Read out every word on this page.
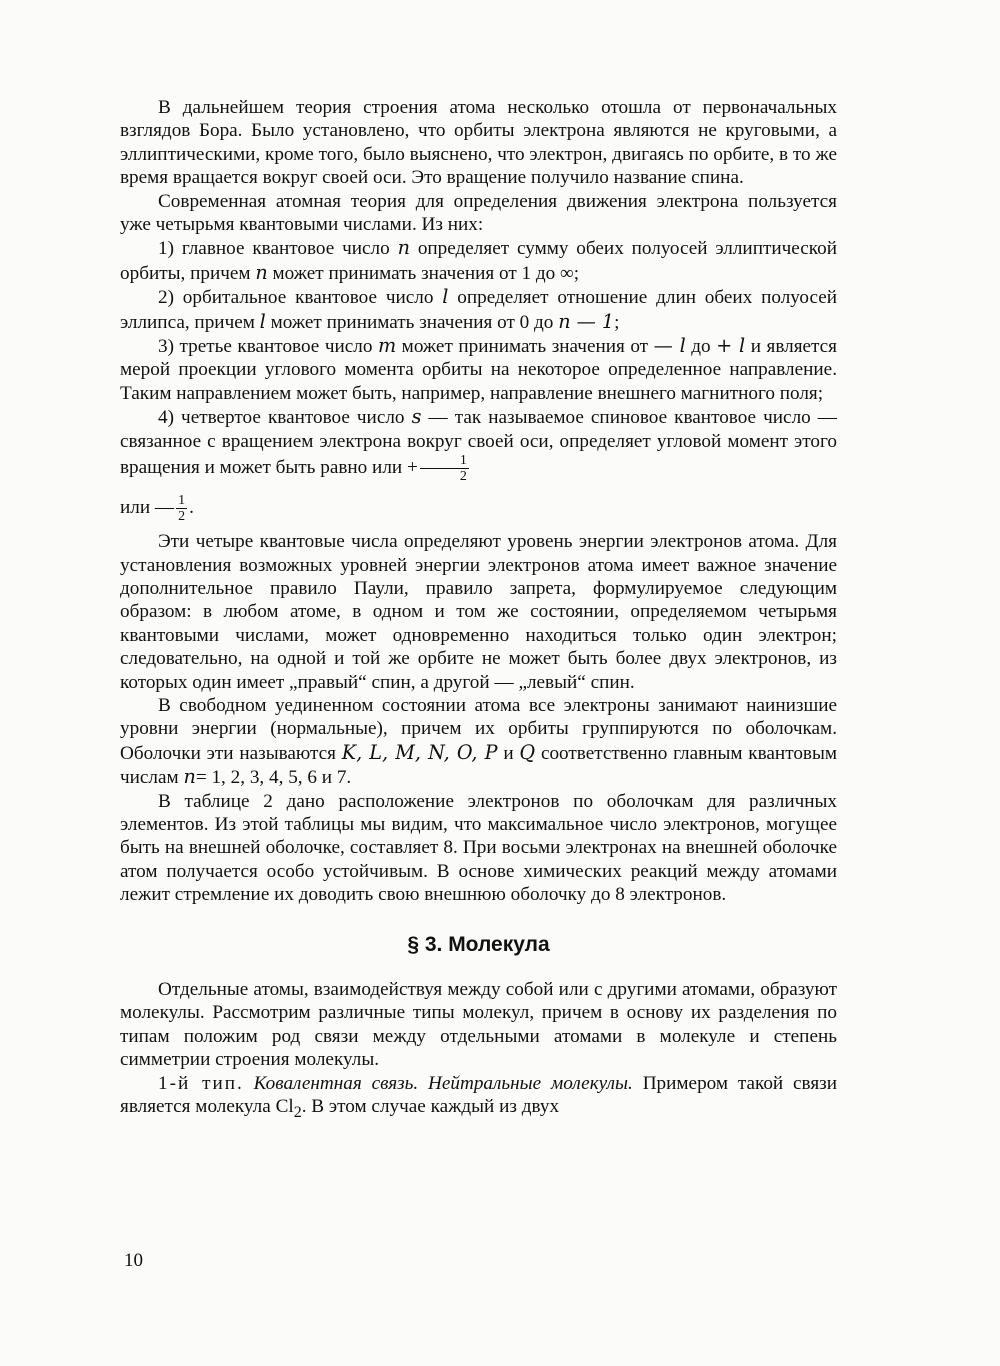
В дальнейшем теория строения атома несколько отошла от первоначальных взглядов Бора. Было установлено, что орбиты электрона являются не круговыми, а эллиптическими, кроме того, было выяснено, что электрон, двигаясь по орбите, в то же время вращается вокруг своей оси. Это вращение получило название спина.

Современная атомная теория для определения движения электрона пользуется уже четырьмя квантовыми числами. Из них:

1) главное квантовое число n определяет сумму обеих полуосей эллиптической орбиты, причем n может принимать значения от 1 до ∞;

2) орбитальное квантовое число l определяет отношение длин обеих полуосей эллипса, причем l может принимать значения от 0 до n — 1;

3) третье квантовое число m может принимать значения от — l до + l и является мерой проекции углового момента орбиты на некоторое определенное направление. Таким направлением может быть, например, направление внешнего магнитного поля;

4) четвертое квантовое число s — так называемое спиновое квантовое число — связанное с вращением электрона вокруг своей оси, определяет угловой момент этого вращения и может быть равно или + $\frac{1}{2}$

или — $\frac{1}{2}$ .

Эти четыре квантовые числа определяют уровень энергии электронов атома. Для установления возможных уровней энергии электронов атома имеет важное значение дополнительное правило Паули, правило запрета, формулируемое следующим образом: в любом атоме, в одном и том же состоянии, определяемом четырьмя квантовыми числами, может одновременно находиться только один электрон; следовательно, на одной и той же орбите не может быть более двух электронов, из которых один имеет „правый“ спин, а другой — „левый“ спин.

В свободном уединенном состоянии атома все электроны занимают наинизшие уровни энергии (нормальные), причем их орбиты группируются по оболочкам. Оболочки эти называются K, L, M, N, O, P и Q соответственно главным квантовым числам n= 1, 2, 3, 4, 5, 6 и 7.

В таблице 2 дано расположение электронов по оболочкам для различных элементов. Из этой таблицы мы видим, что максимальное число электронов, могущее быть на внешней оболочке, составляет 8. При восьми электронах на внешней оболочке атом получается особо устойчивым. В основе химических реакций между атомами лежит стремление их доводить свою внешнюю оболочку до 8 электронов.

§ 3. Молекула

Отдельные атомы, взаимодействуя между собой или с другими атомами, образуют молекулы. Рассмотрим различные типы молекул, причем в основу их разделения по типам положим род связи между отдельными атомами в молекуле и степень симметрии строения молекулы.

1-й тип. Ковалентная связь. Нейтральные молекулы. Примером такой связи является молекула $Cl_2$. В этом случае каждый из двух

10
